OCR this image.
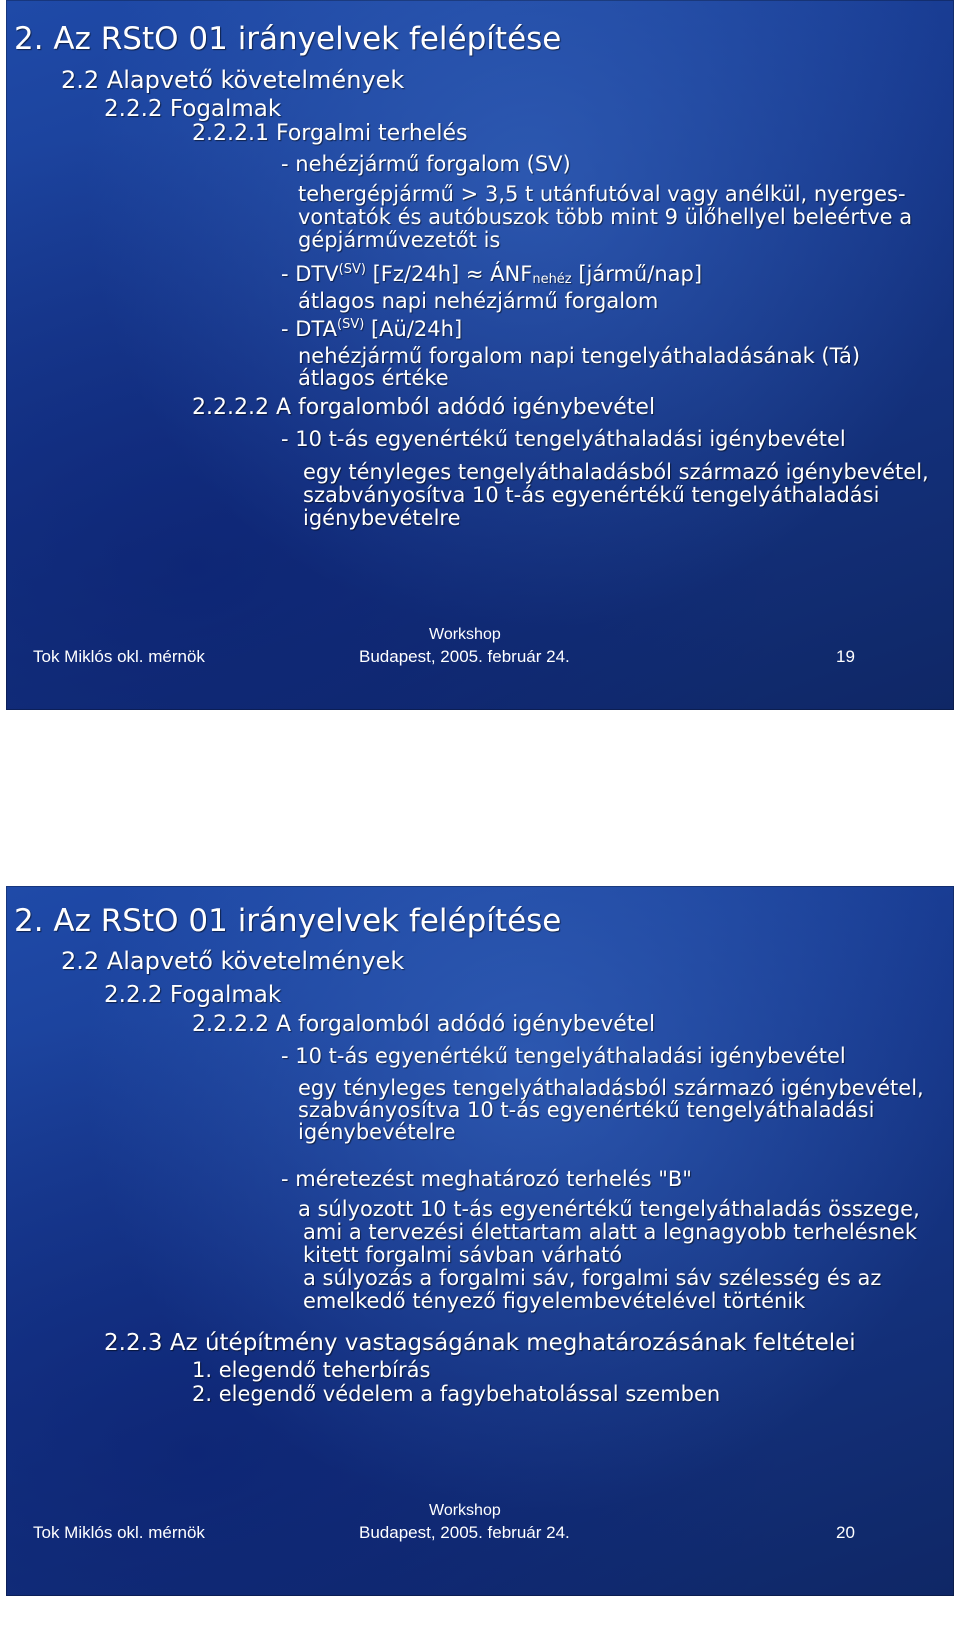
2. Az RStO 01 irányelvek felépítése
2.2 Alapvető követelmények
2.2.2 Fogalmak
2.2.2.1 Forgalmi terhelés
- nehézjármű forgalom (SV)
tehergépjármű > 3,5 t utánfutóval vagy anélkül, nyerges-
vontatók és autóbuszok több mint 9 ülőhellyel beleértve a
gépjárművezetőt is
- $DTV^{(SV)}$ $[Fz/24h] \approx ÁNF_{nehéz}$ [jármű/nap]
átlagos napi nehézjármű forgalom
- $DTA^{(SV)}$ [Aü/24h]
nehézjármű forgalom napi tengelyáthaladásának (Tá)
átlagos értéke
2.2.2.2 A forgalomból adódó igénybevétel
- 10 t-ás egyenértékű tengelyáthaladási igénybevétel
egy tényleges tengelyáthaladásból származó igénybevétel,
szabványosítva 10 t-ás egyenértékű tengelyáthaladási
igénybevételre
Workshop
Tok Miklós okl. mérnök	Budapest, 2005. február 24.	19
2. Az RStO 01 irányelvek felépítése
2.2 Alapvető követelmények
2.2.2 Fogalmak
2.2.2.2 A forgalomból adódó igénybevétel
- 10 t-ás egyenértékű tengelyáthaladási igénybevétel
egy tényleges tengelyáthaladásból származó igénybevétel,
szabványosítva 10 t-ás egyenértékű tengelyáthaladási
igénybevételre
- méretezést meghatározó terhelés "B"
a súlyozott 10 t-ás egyenértékű tengelyáthaladás összege,
ami a tervezési élettartam alatt a legnagyobb terhelésnek
kitett forgalmi sávban várható
a súlyozás a forgalmi sáv, forgalmi sáv szélesség és az
emelkedő tényező figyelembevételével történik
2.2.3 Az útépítmény vastagságának meghatározásának feltételei
1. elegendő teherbírás
2. elegendő védelem a fagybehatolással szemben
Workshop
Tok Miklós okl. mérnök	Budapest, 2005. február 24.	20
